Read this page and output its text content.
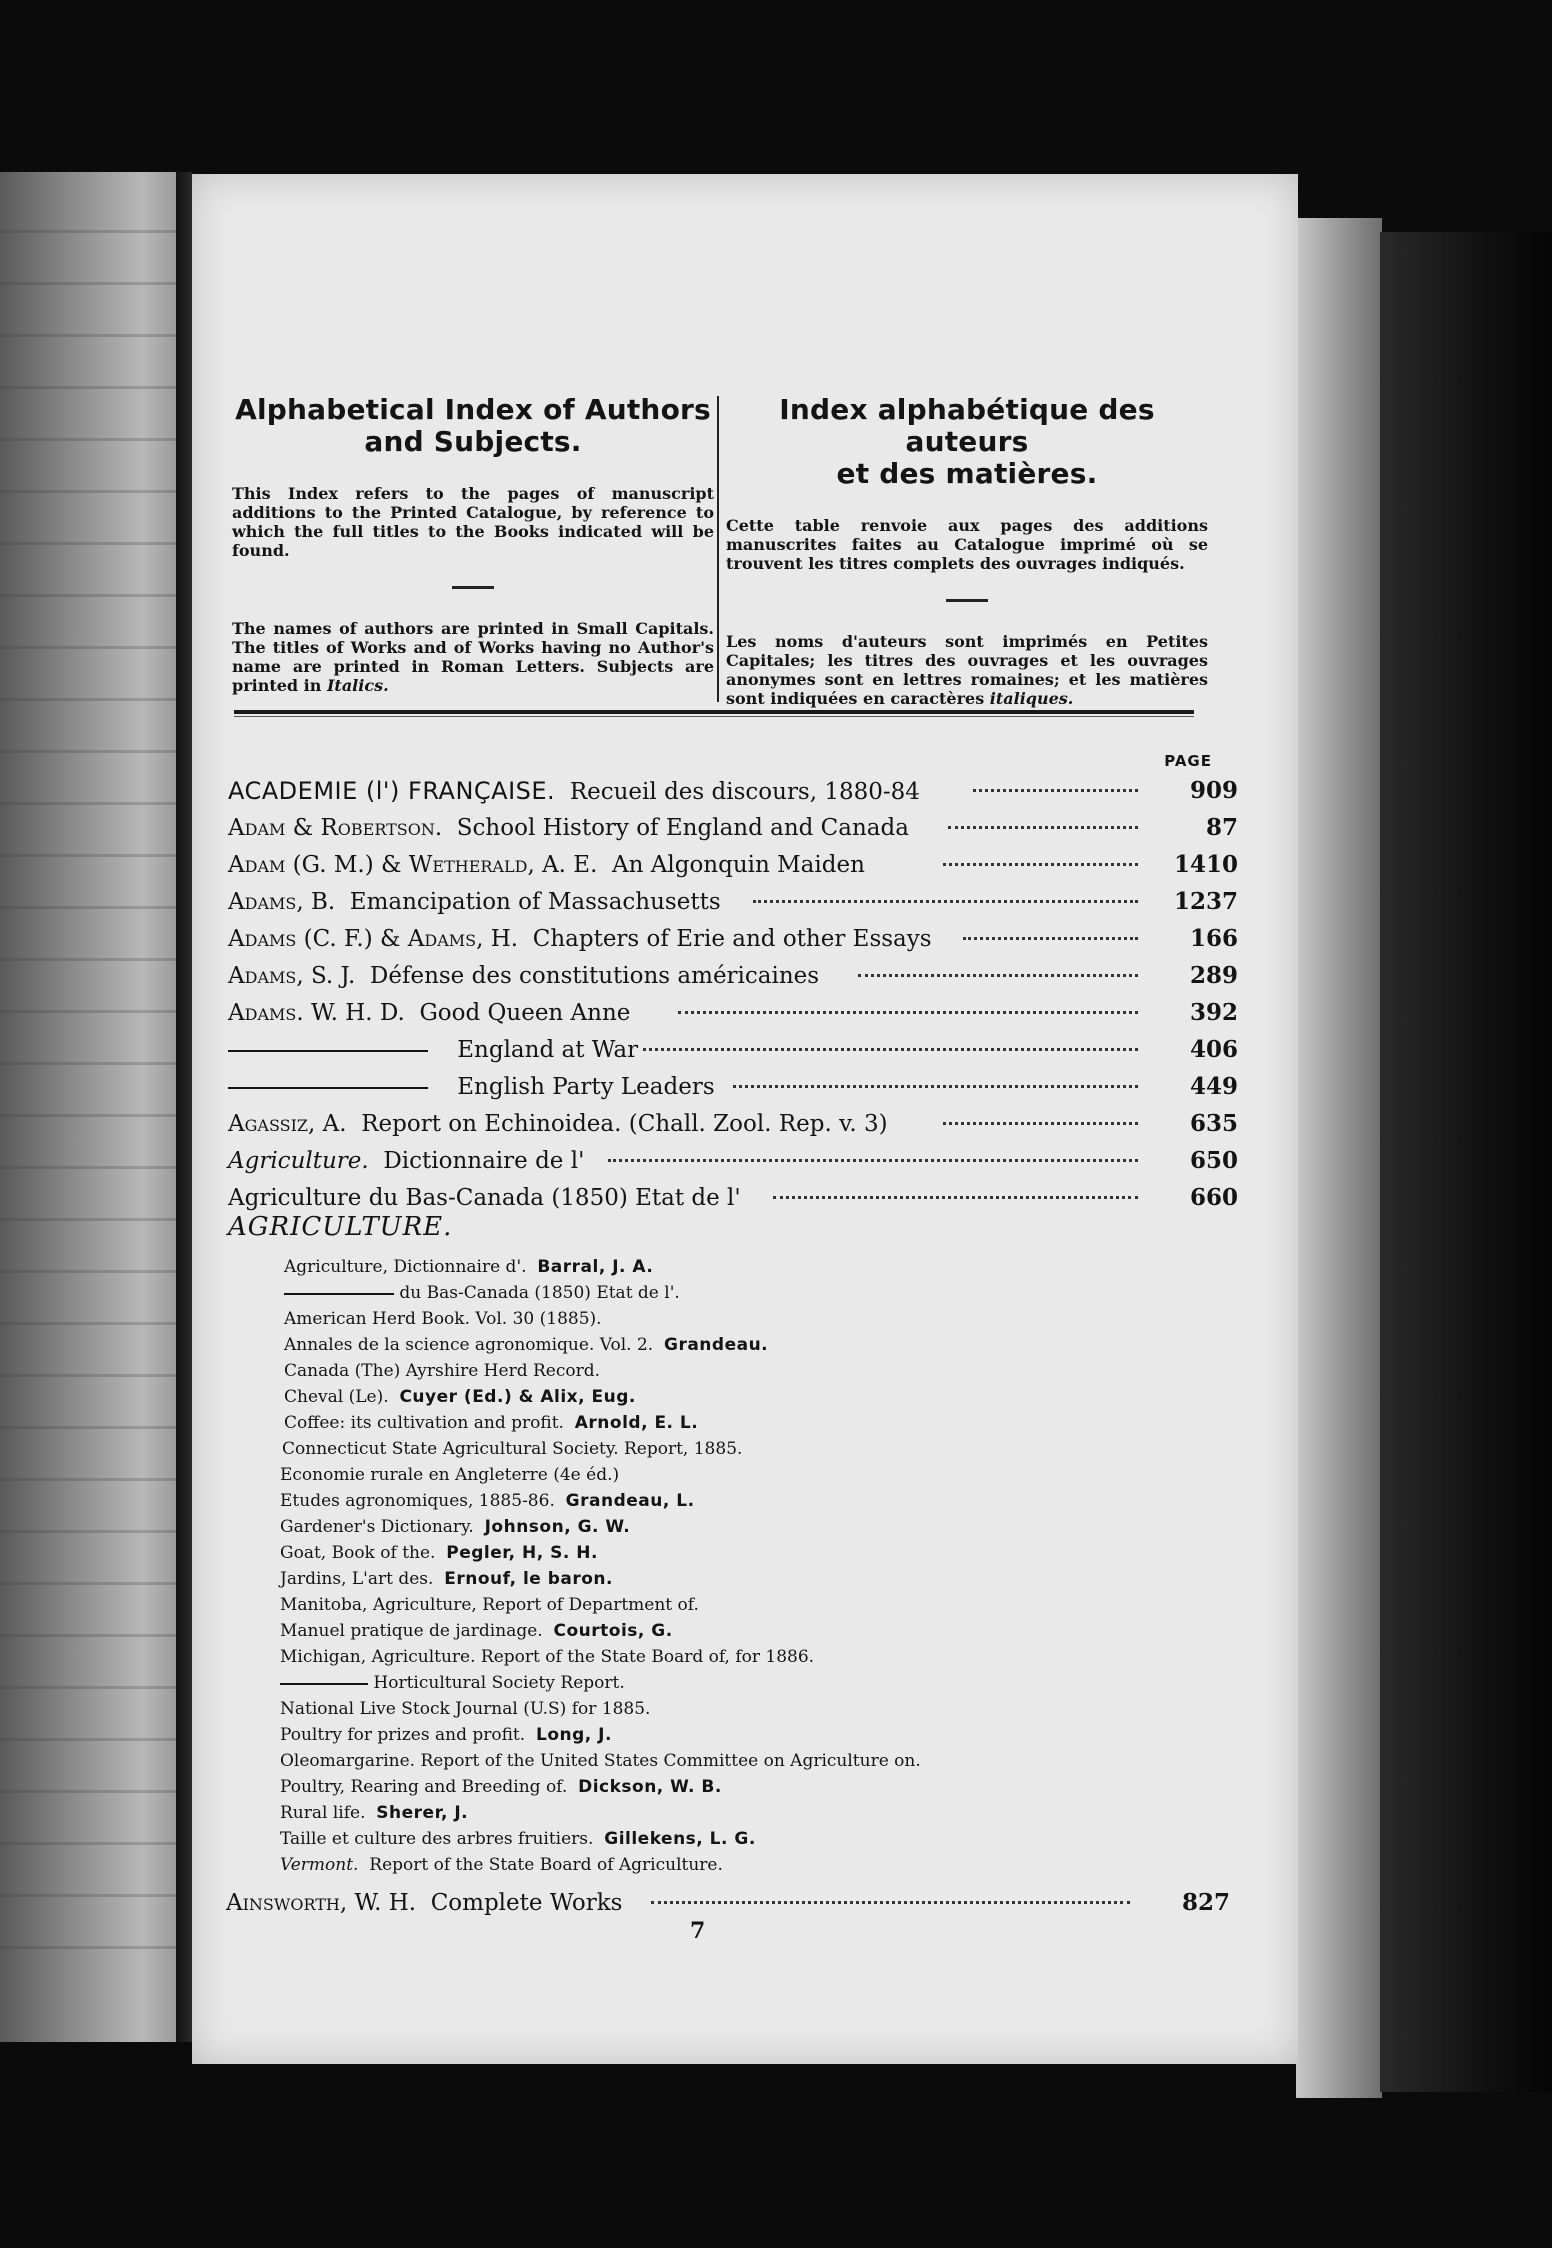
Alphabetical Index of Authors
and Subjects.
This Index refers to the pages of manuscript additions to the Printed Catalogue, by reference to which the full titles to the Books indicated will be found.
The names of authors are printed in Small Capitals. The titles of Works and of Works having no Author's name are printed in Roman Letters. Subjects are printed in Italics.
Index alphabétique des auteurs
et des matières.
Cette table renvoie aux pages des additions manuscrites faites au Catalogue imprimé où se trouvent les titres complets des ouvrages indiqués.
Les noms d'auteurs sont imprimés en Petites Capitales; les titres des ouvrages et les ouvrages anonymes sont en lettres romaines; et les matières sont indiquées en caractères italiques.
PAGE
ACADEMIE (l') FRANÇAISE. Recueil des discours, 1880-84	909
Adam & Robertson. School History of England and Canada	87
Adam (G. M.) & Wetherald, A. E. An Algonquin Maiden	1410
Adams, B. Emancipation of Massachusetts	1237
Adams (C. F.) & Adams, H. Chapters of Erie and other Essays	166
Adams, S. J. Défense des constitutions américaines	289
Adams. W. H. D. Good Queen Anne	392
England at War	406
English Party Leaders	449
Agassiz, A. Report on Echinoidea. (Chall. Zool. Rep. v. 3)	635
Agriculture. Dictionnaire de l'	650
Agriculture du Bas-Canada (1850) Etat de l'	660
AGRICULTURE.
Agriculture, Dictionnaire d'. Barral, J. A.
du Bas-Canada (1850) Etat de l'.
American Herd Book. Vol. 30 (1885).
Annales de la science agronomique. Vol. 2. Grandeau.
Canada (The) Ayrshire Herd Record.
Cheval (Le). Cuyer (Ed.) & Alix, Eug.
Coffee: its cultivation and profit. Arnold, E. L.
Connecticut State Agricultural Society. Report, 1885.
Economie rurale en Angleterre (4e éd.)
Etudes agronomiques, 1885-86. Grandeau, L.
Gardener's Dictionary. Johnson, G. W.
Goat, Book of the. Pegler, H, S. H.
Jardins, L'art des. Ernouf, le baron.
Manitoba, Agriculture, Report of Department of.
Manuel pratique de jardinage. Courtois, G.
Michigan, Agriculture. Report of the State Board of, for 1886.
Horticultural Society Report.
National Live Stock Journal (U.S) for 1885.
Poultry for prizes and profit. Long, J.
Oleomargarine. Report of the United States Committee on Agriculture on.
Poultry, Rearing and Breeding of. Dickson, W. B.
Rural life. Sherer, J.
Taille et culture des arbres fruitiers. Gillekens, L. G.
Vermont. Report of the State Board of Agriculture.
Ainsworth, W. H. Complete Works	827
7
